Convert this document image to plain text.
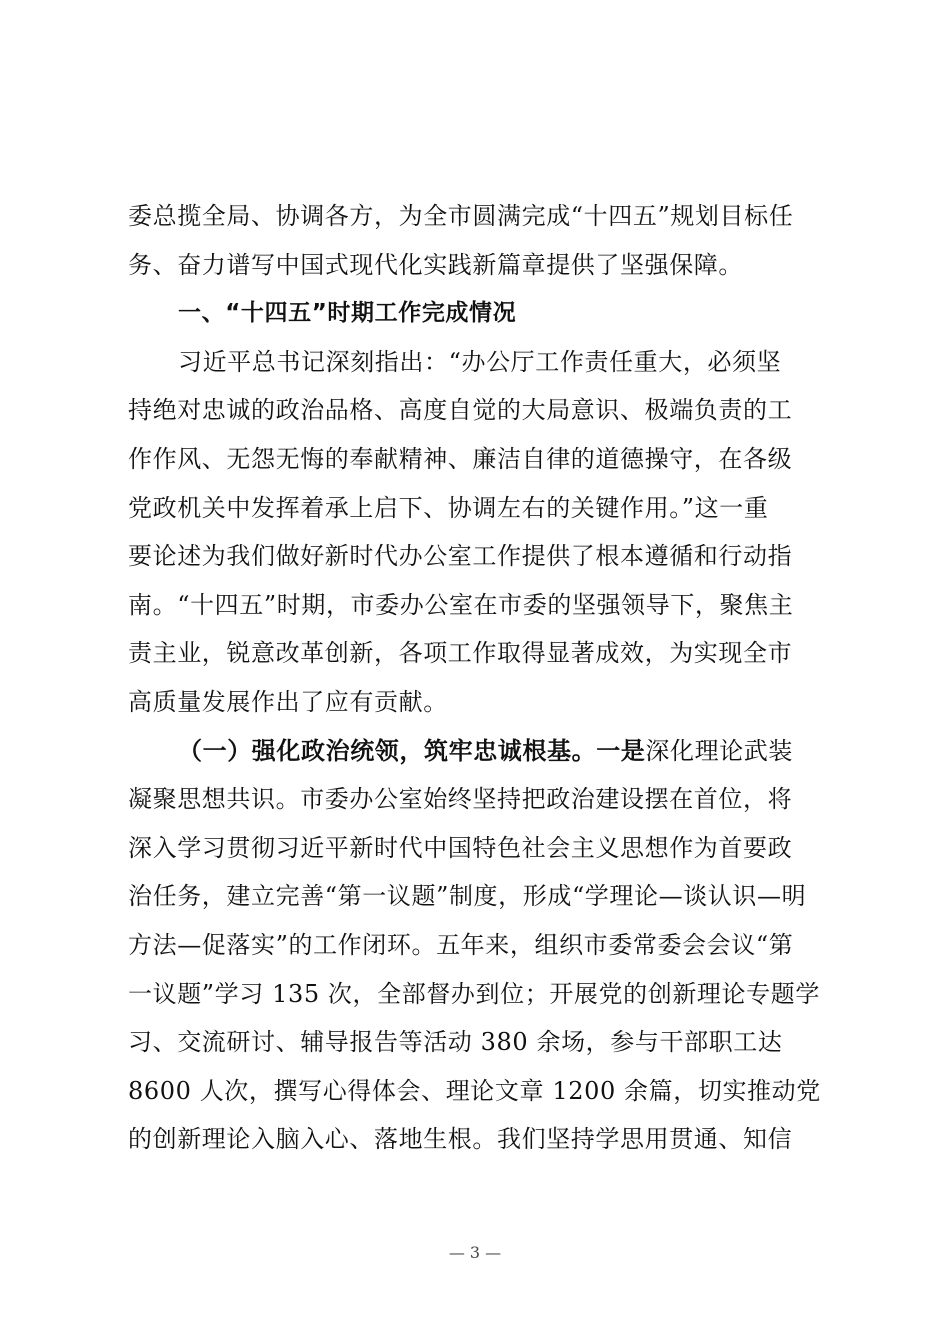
委总揽全局、协调各方，为全市圆满完成“十四五”规划目标任
务、奋力谱写中国式现代化实践新篇章提供了坚强保障。
一、“十四五”时期工作完成情况
习近平总书记深刻指出：“办公厅工作责任重大，必须坚
持绝对忠诚的政治品格、高度自觉的大局意识、极端负责的工
作作风、无怨无悔的奉献精神、廉洁自律的道德操守，在各级
党政机关中发挥着承上启下、协调左右的关键作用。”这一重
要论述为我们做好新时代办公室工作提供了根本遵循和行动指
南。“十四五”时期，市委办公室在市委的坚强领导下，聚焦主
责主业，锐意改革创新，各项工作取得显著成效，为实现全市
高质量发展作出了应有贡献。
（一）强化政治统领，筑牢忠诚根基。一是深化理论武装
凝聚思想共识。市委办公室始终坚持把政治建设摆在首位，将
深入学习贯彻习近平新时代中国特色社会主义思想作为首要政
治任务，建立完善“第一议题”制度，形成“学理论—谈认识—明
方法—促落实”的工作闭环。五年来，组织市委常委会会议“第
一议题”学习 135 次，全部督办到位；开展党的创新理论专题学
习、交流研讨、辅导报告等活动 380 余场，参与干部职工达
8600 人次，撰写心得体会、理论文章 1200 余篇，切实推动党
的创新理论入脑入心、落地生根。我们坚持学思用贯通、知信
— 3 —
